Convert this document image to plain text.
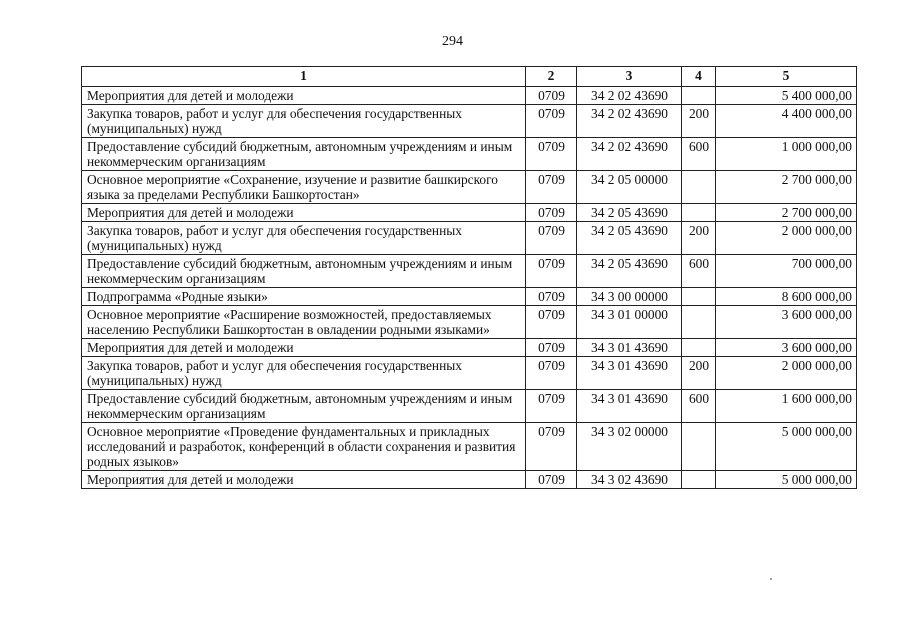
294
1	2	3	4	5
Мероприятия для детей и молодежи	0709	34 2 02 43690		5 400 000,00
Закупка товаров, работ и услуг для обеспечения государственных (муниципальных) нужд	0709	34 2 02 43690	200	4 400 000,00
Предоставление субсидий бюджетным, автономным учреждениям и иным некоммерческим организациям	0709	34 2 02 43690	600	1 000 000,00
Основное мероприятие «Сохранение, изучение и развитие башкирского языка за пределами Республики Башкортостан»	0709	34 2 05 00000		2 700 000,00
Мероприятия для детей и молодежи	0709	34 2 05 43690		2 700 000,00
Закупка товаров, работ и услуг для обеспечения государственных (муниципальных) нужд	0709	34 2 05 43690	200	2 000 000,00
Предоставление субсидий бюджетным, автономным учреждениям и иным некоммерческим организациям	0709	34 2 05 43690	600	700 000,00
Подпрограмма «Родные языки»	0709	34 3 00 00000		8 600 000,00
Основное мероприятие «Расширение возможностей, предоставляемых населению Республики Башкортостан в овладении родными языками»	0709	34 3 01 00000		3 600 000,00
Мероприятия для детей и молодежи	0709	34 3 01 43690		3 600 000,00
Закупка товаров, работ и услуг для обеспечения государственных (муниципальных) нужд	0709	34 3 01 43690	200	2 000 000,00
Предоставление субсидий бюджетным, автономным учреждениям и иным некоммерческим организациям	0709	34 3 01 43690	600	1 600 000,00
Основное мероприятие «Проведение фундаментальных и прикладных исследований и разработок, конференций в области сохранения и развития родных языков»	0709	34 3 02 00000		5 000 000,00
Мероприятия для детей и молодежи	0709	34 3 02 43690		5 000 000,00
